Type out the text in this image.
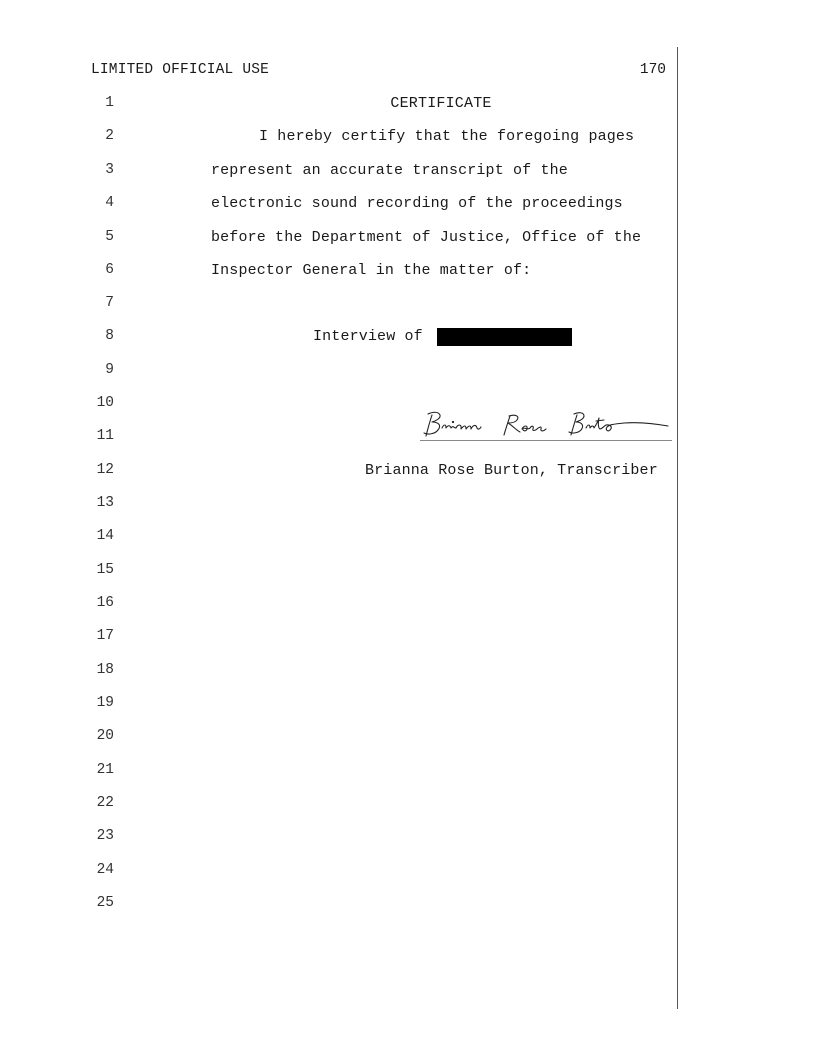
LIMITED OFFICIAL USE	170
1
2
3
4
5
6
7
8
9
10
11
12
13
14
15
16
17
18
19
20
21
22
23
24
25
CERTIFICATE
I hereby certify that the foregoing pages
represent an accurate transcript of the
electronic sound recording of the proceedings
before the Department of Justice, Office of the
Inspector General in the matter of:
Interview of
Brianna Rose Burton, Transcriber
